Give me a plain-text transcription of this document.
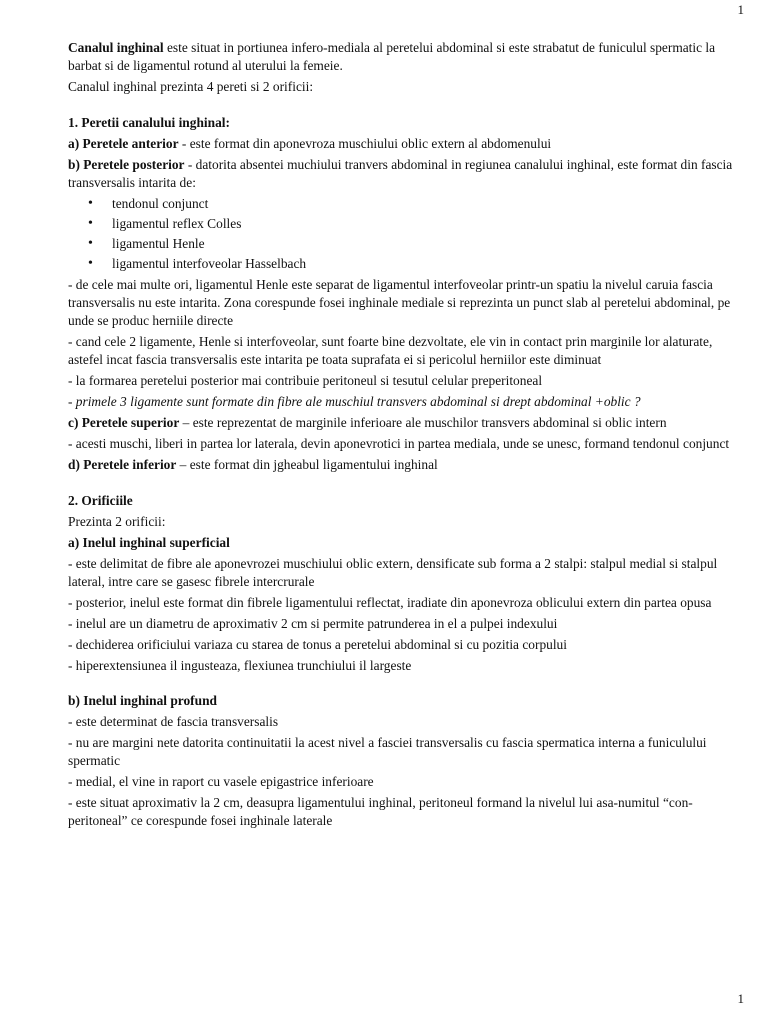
1

Canalul inghinal este situat in portiunea infero-mediala al peretelui abdominal si este strabatut de funiculul spermatic la barbat si de ligamentul rotund al uterului la femeie.

Canalul inghinal prezinta 4 pereti si 2 orificii:

1. Peretii canalului inghinal:

a) Peretele anterior - este format din aponevroza muschiului oblic extern al abdomenului

b) Peretele posterior - datorita absentei muchiului tranvers abdominal in regiunea canalului inghinal, este format din fascia transversalis intarita de:

• tendonul conjunct
• ligamentul reflex Colles
• ligamentul Henle
• ligamentul interfoveolar Hasselbach

- de cele mai multe ori, ligamentul Henle este separat de ligamentul interfoveolar printr-un spatiu la nivelul caruia fascia transversalis nu este intarita. Zona corespunde fosei inghinale mediale si reprezinta un punct slab al peretelui abdominal, pe unde se produc herniile directe

- cand cele 2 ligamente, Henle si interfoveolar, sunt foarte bine dezvoltate, ele vin in contact prin marginile lor alaturate, astefel incat fascia transversalis este intarita pe toata suprafata ei si pericolul herniilor este diminuat

- la formarea peretelui posterior mai contribuie peritoneul si tesutul celular preperitoneal

- primele 3 ligamente sunt formate din fibre ale muschiul transvers abdominal si drept abdominal +oblic ?

c) Peretele superior – este reprezentat de marginile inferioare ale muschilor transvers abdominal si oblic intern

- acesti muschi, liberi in partea lor laterala, devin aponevrotici in partea mediala, unde se unesc, formand tendonul conjunct

d) Peretele inferior – este format din jgheabul ligamentului inghinal

2. Orificiile

Prezinta 2 orificii:

a) Inelul inghinal superficial

- este delimitat de fibre ale aponevrozei muschiului oblic extern, densificate sub forma a 2 stalpi: stalpul medial si stalpul lateral, intre care se gasesc fibrele intercrurale

- posterior, inelul este format din fibrele ligamentului reflectat, iradiate din aponevroza oblicului extern din partea opusa

- inelul are un diametru de aproximativ 2 cm si permite patrunderea in el a pulpei indexului

- dechiderea orificiului variaza cu starea de tonus a peretelui abdominal si cu pozitia corpului

- hiperextensiunea il ingusteaza, flexiunea trunchiului il largeste

b) Inelul inghinal profund

- este determinat de fascia transversalis

- nu are margini nete datorita continuitatii la acest nivel a fasciei transversalis cu fascia spermatica interna a funiculului spermatic

- medial, el vine in raport cu vasele epigastrice inferioare

- este situat aproximativ la 2 cm, deasupra ligamentului inghinal, peritoneul formand la nivelul lui asa-numitul “con-peritoneal” ce corespunde fosei inghinale laterale

1
